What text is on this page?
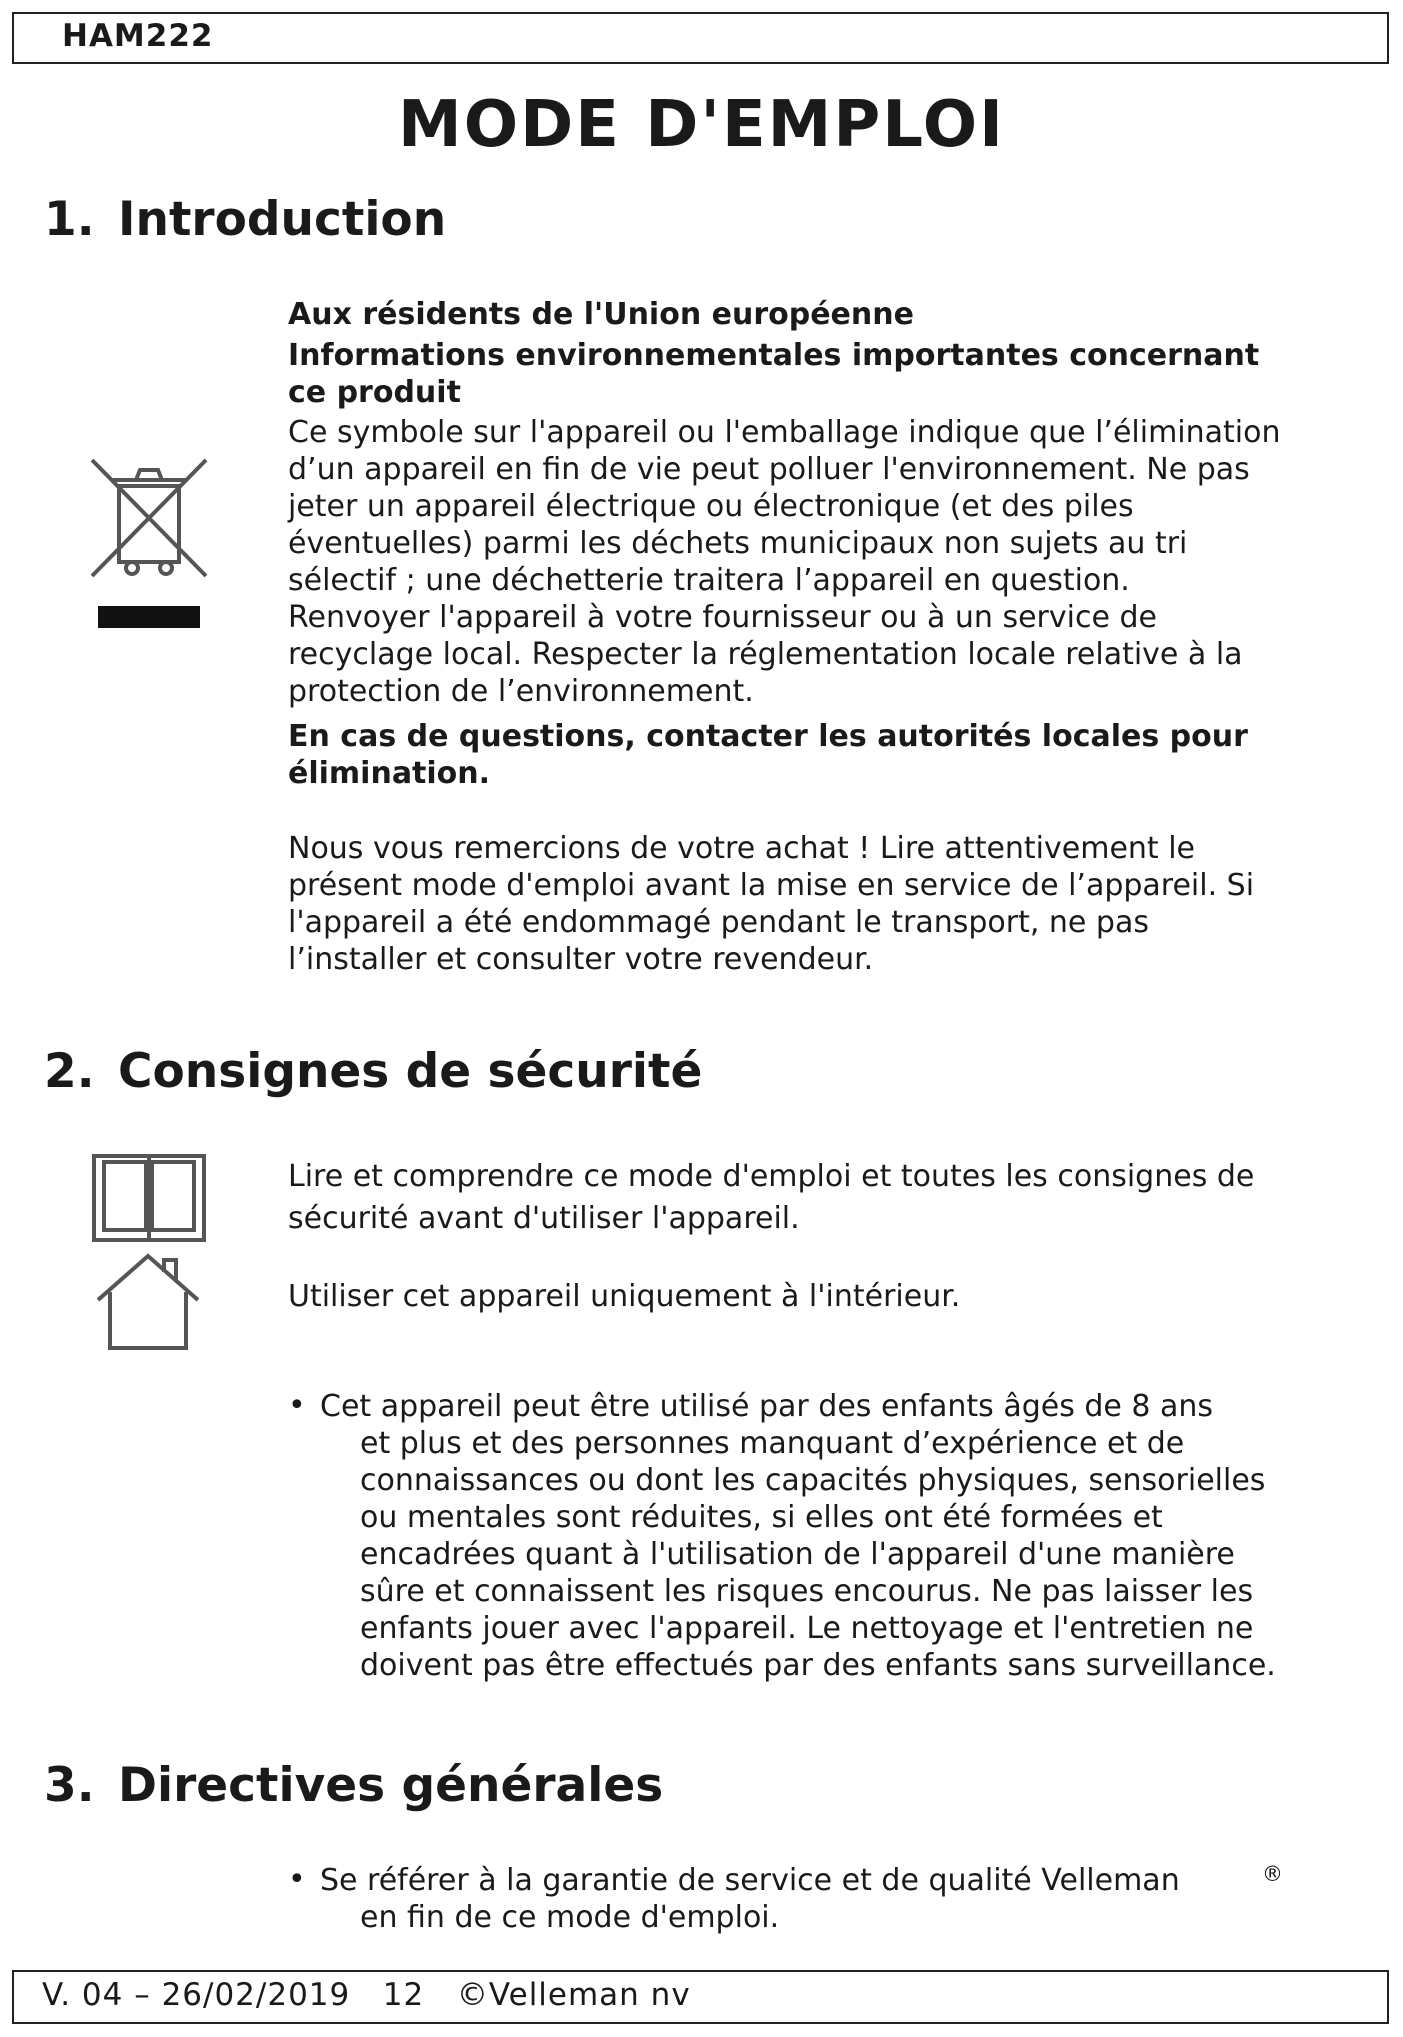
HAM222
MODE D'EMPLOI
1. Introduction
Aux résidents de l'Union européenne
Informations environnementales importantes concernant
ce produit
Ce symbole sur l'appareil ou l'emballage indique que l’élimination
d’un appareil en fin de vie peut polluer l'environnement. Ne pas
jeter un appareil électrique ou électronique (et des piles
éventuelles) parmi les déchets municipaux non sujets au tri
sélectif ; une déchetterie traitera l’appareil en question.
Renvoyer l'appareil à votre fournisseur ou à un service de
recyclage local. Respecter la réglementation locale relative à la
protection de l’environnement.
En cas de questions, contacter les autorités locales pour
élimination.
Nous vous remercions de votre achat ! Lire attentivement le
présent mode d'emploi avant la mise en service de l’appareil. Si
l'appareil a été endommagé pendant le transport, ne pas
l’installer et consulter votre revendeur.
2. Consignes de sécurité
Lire et comprendre ce mode d'emploi et toutes les consignes de
sécurité avant d'utiliser l'appareil.
Utiliser cet appareil uniquement à l'intérieur.
• Cet appareil peut être utilisé par des enfants âgés de 8 ans
et plus et des personnes manquant d’expérience et de
connaissances ou dont les capacités physiques, sensorielles
ou mentales sont réduites, si elles ont été formées et
encadrées quant à l'utilisation de l'appareil d'une manière
sûre et connaissent les risques encourus. Ne pas laisser les
enfants jouer avec l'appareil. Le nettoyage et l'entretien ne
doivent pas être effectués par des enfants sans surveillance.
3. Directives générales
• Se référer à la garantie de service et de qualité Velleman	®
en fin de ce mode d'emploi.
V. 04 – 26/02/2019   12   ©Velleman nv
